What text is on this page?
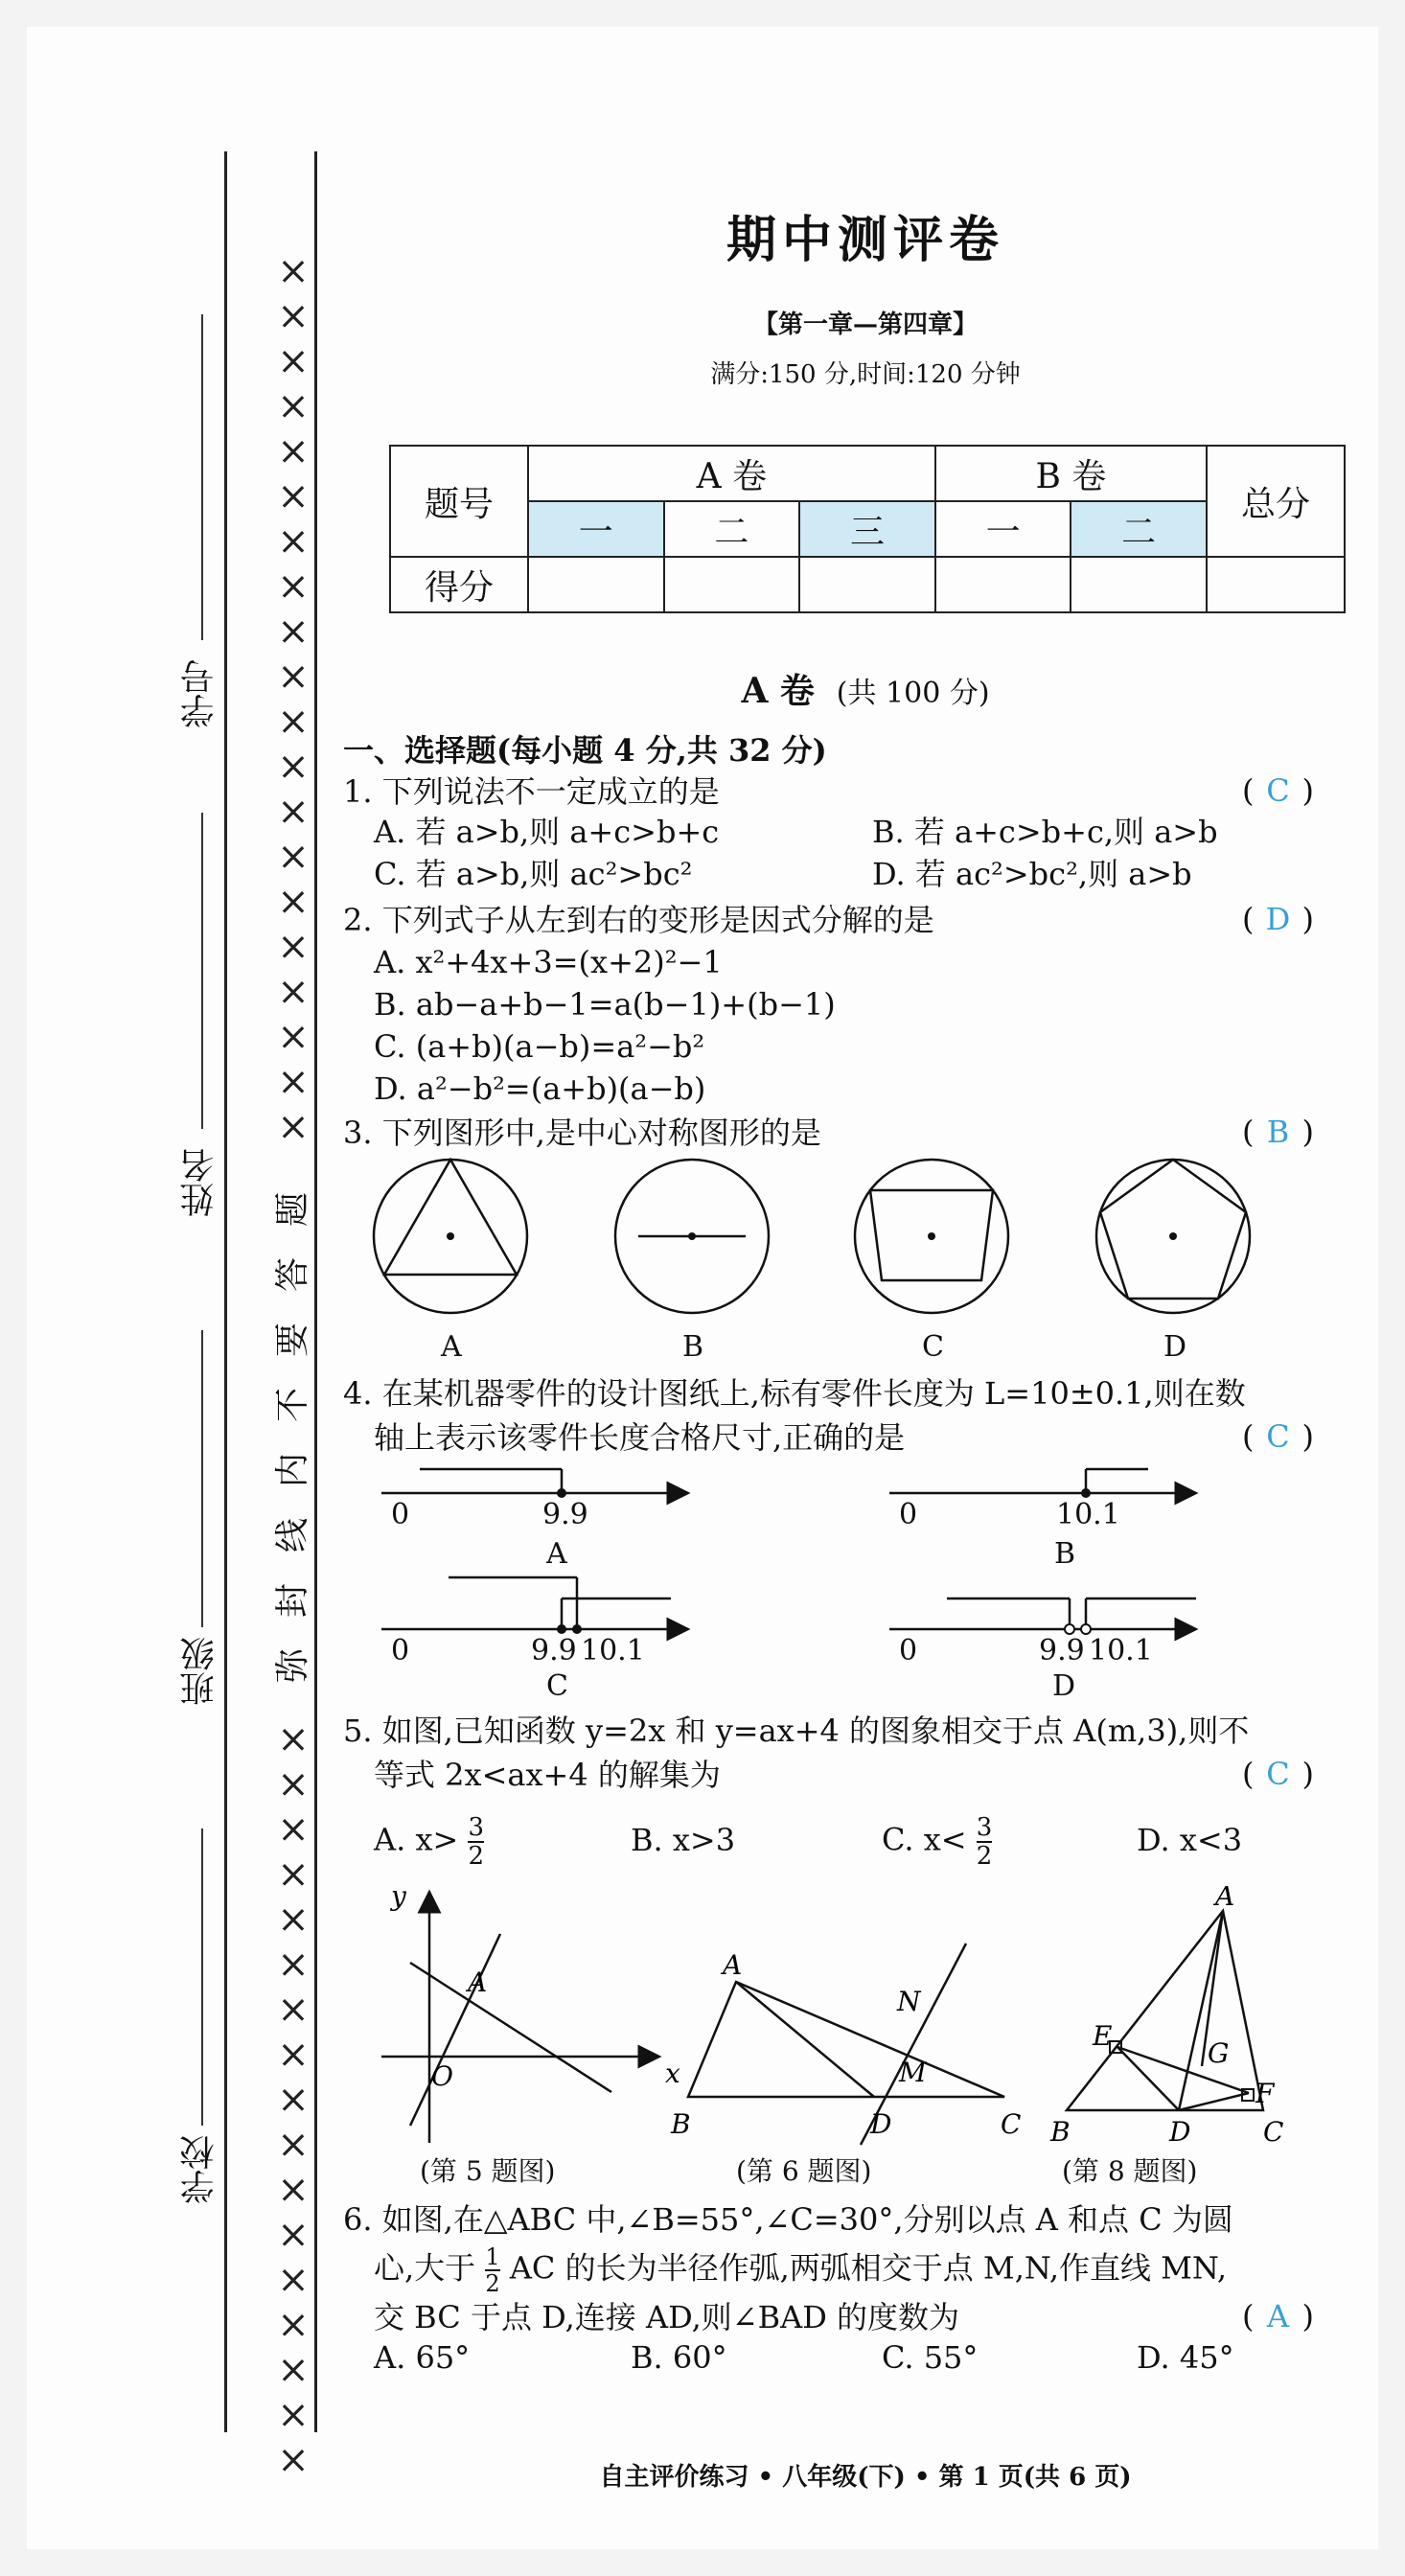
学号
姓名
班级
学校
×
×
×
×
×
×
×
×
×
×
×
×
×
×
×
×
×
×
×
×
题
答
要
不
内
线
封
弥
×
×
×
×
×
×
×
×
×
×
×
×
×
×
×
×
×
期中测评卷
【第一章—第四章】
满分:150 分,时间:120 分钟
题号	A 卷			B 卷		总分
	一	二	三	一	二	
得分						
A 卷 (共 100 分)
一、选择题(每小题 4 分,共 32 分)
1. 下列说法不一定成立的是	( C )
A. 若 a>b,则 a+c>b+c	B. 若 a+c>b+c,则 a>b
C. 若 a>b,则 ac²>bc²	D. 若 ac²>bc²,则 a>b
2. 下列式子从左到右的变形是因式分解的是	( D )
A. x²+4x+3=(x+2)²−1
B. ab−a+b−1=a(b−1)+(b−1)
C. (a+b)(a−b)=a²−b²
D. a²−b²=(a+b)(a−b)
3. 下列图形中,是中心对称图形的是	( B )
A	B	C	D
4. 在某机器零件的设计图纸上,标有零件长度为 L=10±0.1,则在数
轴上表示该零件长度合格尺寸,正确的是	( C )
0	9.9
A
0	10.1
B
0	9.9 10.1
C
0	9.9 10.1
D
5. 如图,已知函数 y=2x 和 y=ax+4 的图象相交于点 A(m,3),则不
等式 2x<ax+4 的解集为	( C )
A. $x> \frac{3}{2}$	B. x>3	C. $x< \frac{3}{2}$	D. x<3
y
x
O
A
A
B	C
D
M
N
A
B	C
D
E
F
G
(第 5 题图)	(第 6 题图)	(第 8 题图)
6. 如图,在△ABC 中,∠B=55°,∠C=30°,分别以点 A 和点 C 为圆
心,大于 $\frac{1}{2}$ AC 的长为半径作弧,两弧相交于点 M,N,作直线 MN,
交 BC 于点 D,连接 AD,则∠BAD 的度数为	( A )
A. 65°	B. 60°	C. 55°	D. 45°
自主评价练习 • 八年级(下) • 第 1 页(共 6 页)
